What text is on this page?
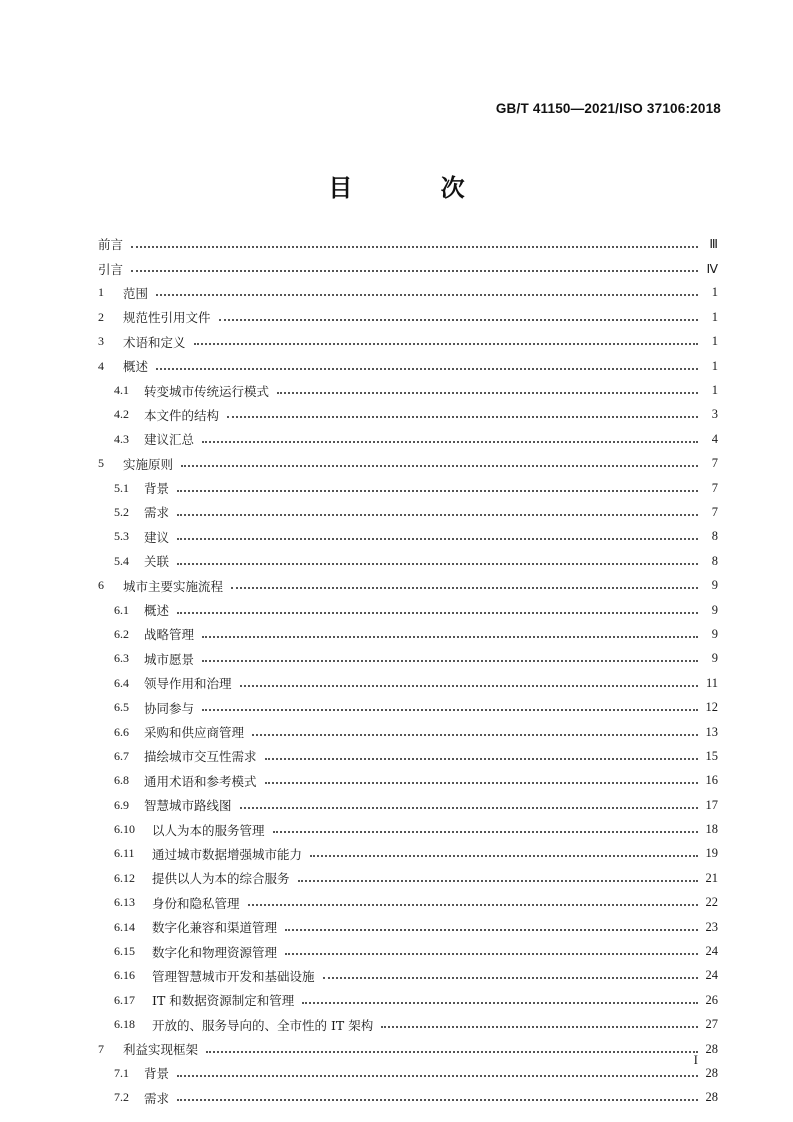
GB/T 41150—2021/ISO 37106:2018
目 次
前言	Ⅲ
引言	Ⅳ
1	范围	1
2	规范性引用文件	1
3	术语和定义	1
4	概述	1
4.1	转变城市传统运行模式	1
4.2	本文件的结构	3
4.3	建议汇总	4
5	实施原则	7
5.1	背景	7
5.2	需求	7
5.3	建议	8
5.4	关联	8
6	城市主要实施流程	9
6.1	概述	9
6.2	战略管理	9
6.3	城市愿景	9
6.4	领导作用和治理	11
6.5	协同参与	12
6.6	采购和供应商管理	13
6.7	描绘城市交互性需求	15
6.8	通用术语和参考模式	16
6.9	智慧城市路线图	17
6.10	以人为本的服务管理	18
6.11	通过城市数据增强城市能力	19
6.12	提供以人为本的综合服务	21
6.13	身份和隐私管理	22
6.14	数字化兼容和渠道管理	23
6.15	数字化和物理资源管理	24
6.16	管理智慧城市开发和基础设施	24
6.17	IT 和数据资源制定和管理	26
6.18	开放的、服务导向的、全市性的 IT 架构	27
7	利益实现框架	28
7.1	背景	28
7.2	需求	28
I
